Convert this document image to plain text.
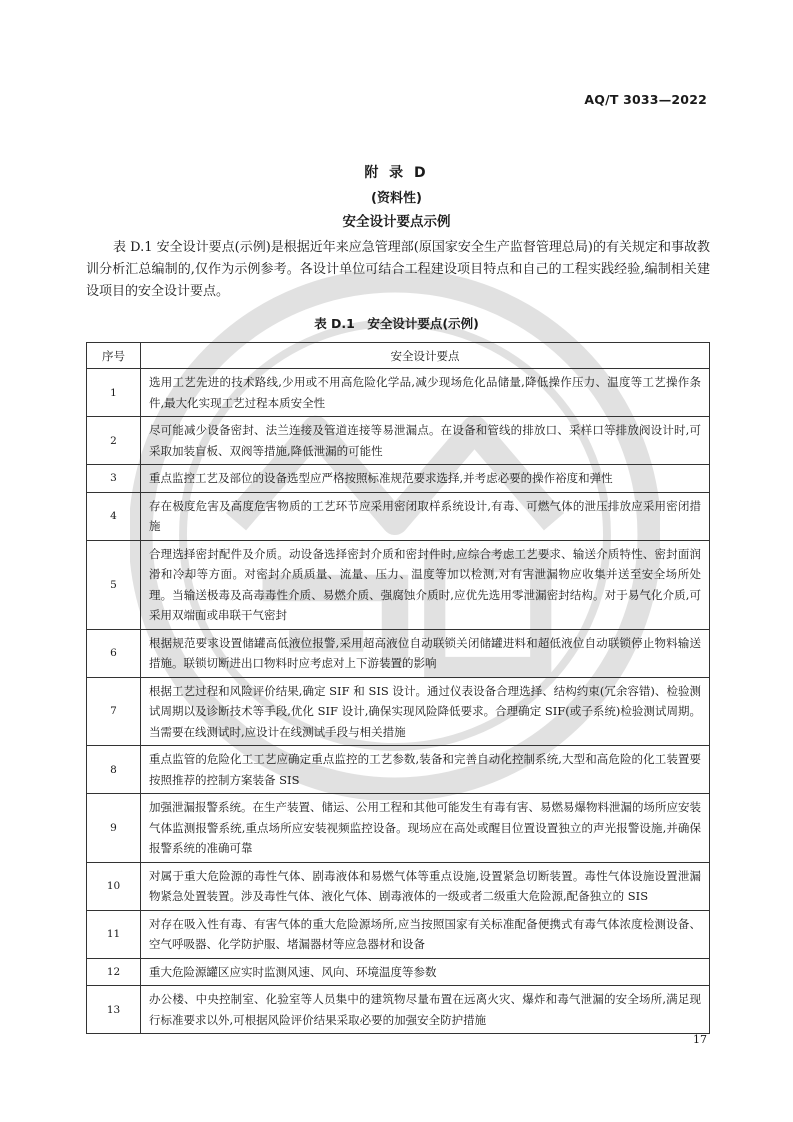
AQ/T 3033—2022
附 录 D
(资料性)
安全设计要点示例

表 D.1 安全设计要点(示例)是根据近年来应急管理部(原国家安全生产监督管理总局)的有关规定和事故教训分析汇总编制的,仅作为示例参考。各设计单位可结合工程建设项目特点和自己的工程实践经验,编制相关建设项目的安全设计要点。

表 D.1　安全设计要点(示例)
序号	安全设计要点
1	选用工艺先进的技术路线,少用或不用高危险化学品,减少现场危化品储量,降低操作压力、温度等工艺操作条件,最大化实现工艺过程本质安全性
2	尽可能减少设备密封、法兰连接及管道连接等易泄漏点。在设备和管线的排放口、采样口等排放阀设计时,可采取加装盲板、双阀等措施,降低泄漏的可能性
3	重点监控工艺及部位的设备选型应严格按照标准规范要求选择,并考虑必要的操作裕度和弹性
4	存在极度危害及高度危害物质的工艺环节应采用密闭取样系统设计,有毒、可燃气体的泄压排放应采用密闭措施
5	合理选择密封配件及介质。动设备选择密封介质和密封件时,应综合考虑工艺要求、输送介质特性、密封面润滑和冷却等方面。对密封介质质量、流量、压力、温度等加以检测,对有害泄漏物应收集并送至安全场所处理。当输送极毒及高毒毒性介质、易燃介质、强腐蚀介质时,应优先选用零泄漏密封结构。对于易气化介质,可采用双端面或串联干气密封
6	根据规范要求设置储罐高低液位报警,采用超高液位自动联锁关闭储罐进料和超低液位自动联锁停止物料输送措施。联锁切断进出口物料时应考虑对上下游装置的影响
7	根据工艺过程和风险评价结果,确定 SIF 和 SIS 设计。通过仪表设备合理选择、结构约束(冗余容错)、检验测试周期以及诊断技术等手段,优化 SIF 设计,确保实现风险降低要求。合理确定 SIF(或子系统)检验测试周期。当需要在线测试时,应设计在线测试手段与相关措施
8	重点监管的危险化工工艺应确定重点监控的工艺参数,装备和完善自动化控制系统,大型和高危险的化工装置要按照推荐的控制方案装备 SIS
9	加强泄漏报警系统。在生产装置、储运、公用工程和其他可能发生有毒有害、易燃易爆物料泄漏的场所应安装气体监测报警系统,重点场所应安装视频监控设备。现场应在高处或醒目位置设置独立的声光报警设施,并确保报警系统的准确可靠
10	对属于重大危险源的毒性气体、剧毒液体和易燃气体等重点设施,设置紧急切断装置。毒性气体设施设置泄漏物紧急处置装置。涉及毒性气体、液化气体、剧毒液体的一级或者二级重大危险源,配备独立的 SIS
11	对存在吸入性有毒、有害气体的重大危险源场所,应当按照国家有关标准配备便携式有毒气体浓度检测设备、空气呼吸器、化学防护服、堵漏器材等应急器材和设备
12	重大危险源罐区应实时监测风速、风向、环境温度等参数
13	办公楼、中央控制室、化验室等人员集中的建筑物尽量布置在远离火灾、爆炸和毒气泄漏的安全场所,满足现行标准要求以外,可根据风险评价结果采取必要的加强安全防护措施
17
